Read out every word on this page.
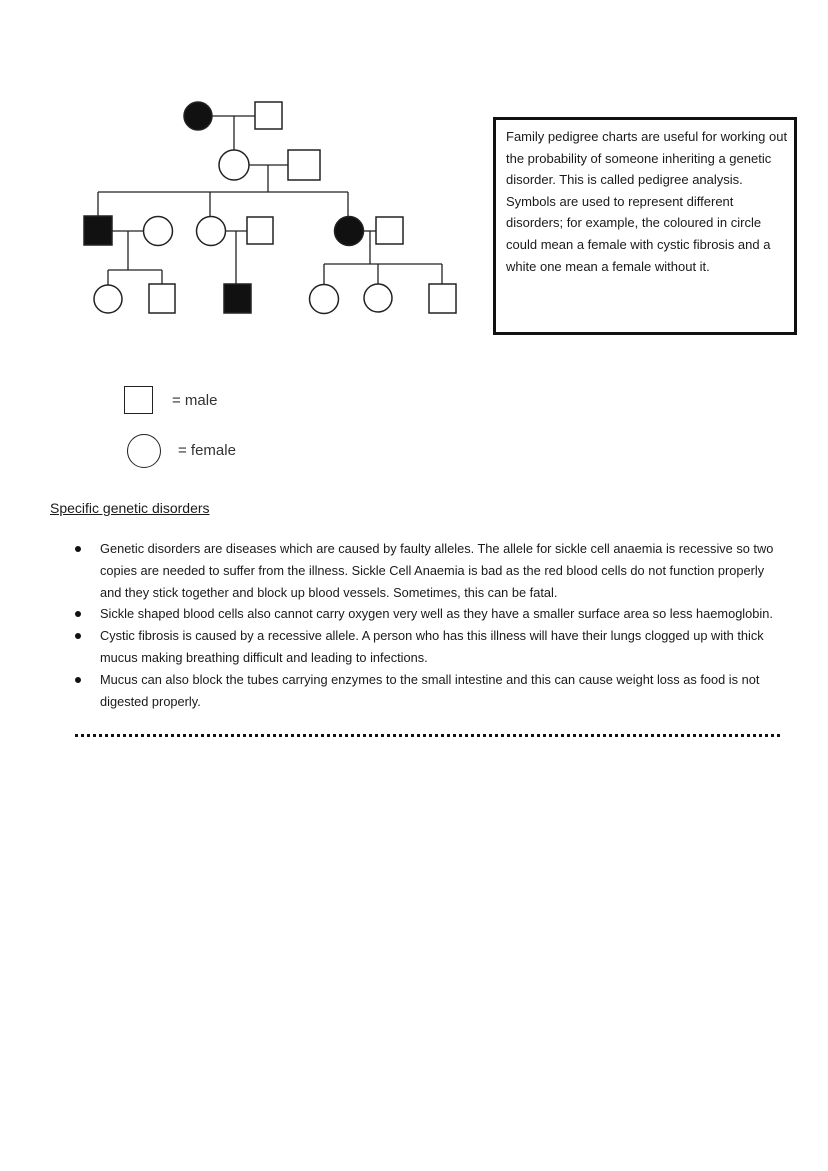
Family pedigree charts are useful for working out the probability of someone inheriting a genetic disorder. This is called pedigree analysis. Symbols are used to represent different disorders; for example, the coloured in circle could mean a female with cystic fibrosis and a white one mean a female without it.
= male
= female
Specific genetic disorders
Genetic disorders are diseases which are caused by faulty alleles. The allele for sickle cell anaemia is recessive so two copies are needed to suffer from the illness. Sickle Cell Anaemia is bad as the red blood cells do not function properly and they stick together and block up blood vessels. Sometimes, this can be fatal.
Sickle shaped blood cells also cannot carry oxygen very well as they have a smaller surface area so less haemoglobin.
Cystic fibrosis is caused by a recessive allele. A person who has this illness will have their lungs clogged up with thick mucus making breathing difficult and leading to infections.
Mucus can also block the tubes carrying enzymes to the small intestine and this can cause weight loss as food is not digested properly.
